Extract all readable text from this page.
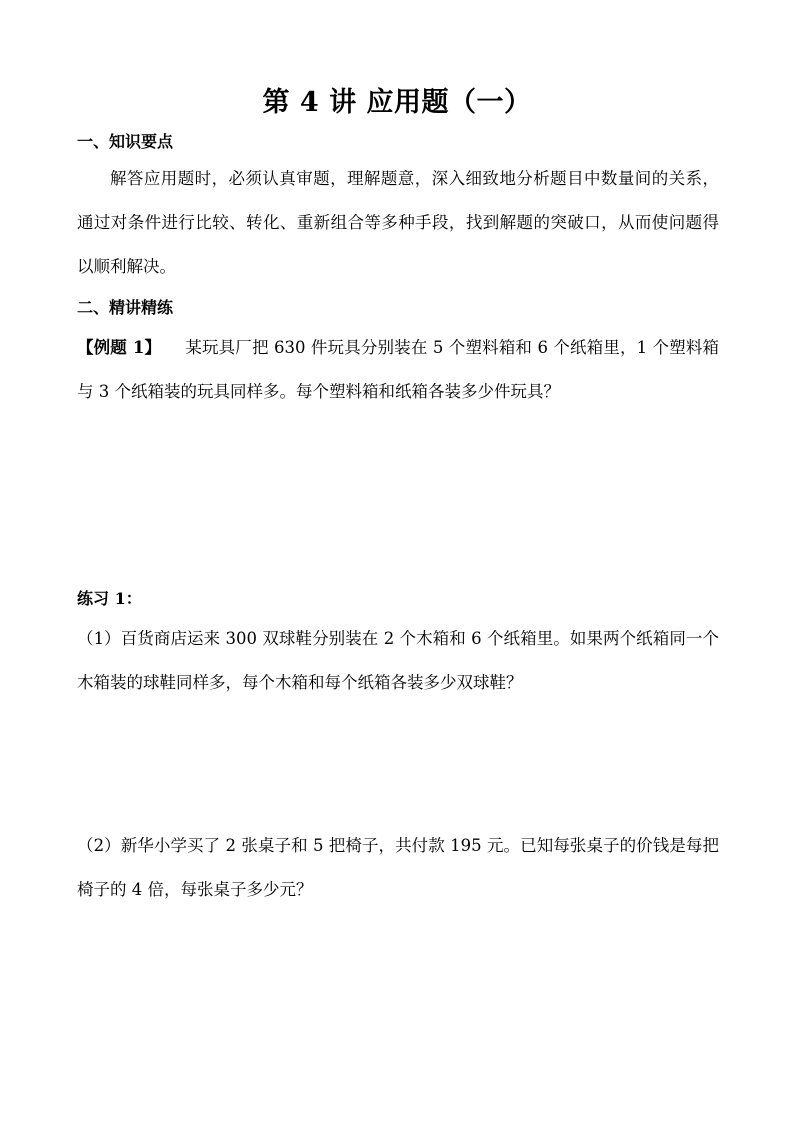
第 4 讲 应用题（一）
一、知识要点
解答应用题时，必须认真审题，理解题意，深入细致地分析题目中数量间的关系，通过对条件进行比较、转化、重新组合等多种手段，找到解题的突破口，从而使问题得以顺利解决。
二、精讲精练
【例题 1】 某玩具厂把 630 件玩具分别装在 5 个塑料箱和 6 个纸箱里，1 个塑料箱与 3 个纸箱装的玩具同样多。每个塑料箱和纸箱各装多少件玩具？
练习 1：
（1）百货商店运来 300 双球鞋分别装在 2 个木箱和 6 个纸箱里。如果两个纸箱同一个木箱装的球鞋同样多，每个木箱和每个纸箱各装多少双球鞋？
（2）新华小学买了 2 张桌子和 5 把椅子，共付款 195 元。已知每张桌子的价钱是每把椅子的 4 倍，每张桌子多少元？
